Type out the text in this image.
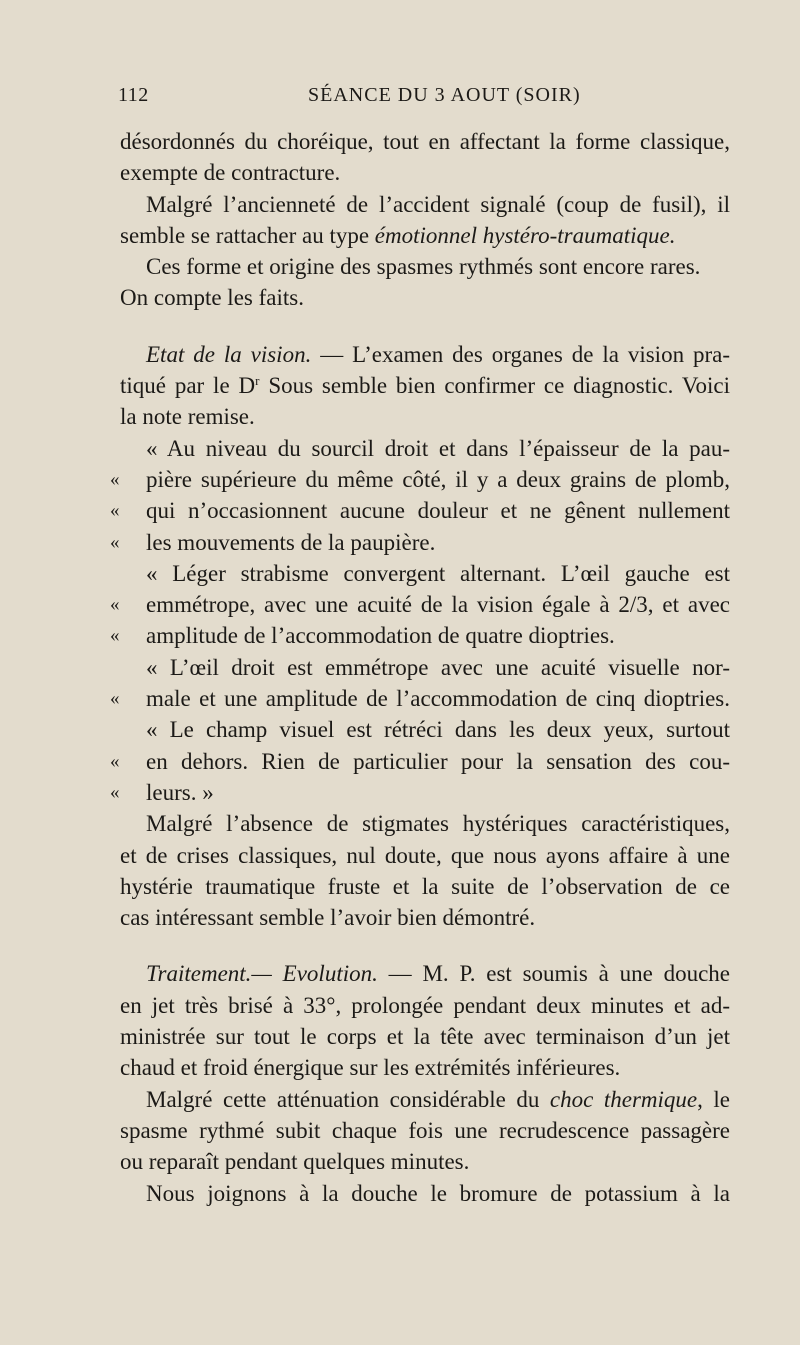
112	SÉANCE DU 3 AOUT (SOIR)
désordonnés du choréique, tout en affectant la forme classique,
exempte de contracture.
Malgré l’ancienneté de l’accident signalé (coup de fusil), il
semble se rattacher au type émotionnel hystéro-traumatique.
Ces forme et origine des spasmes rythmés sont encore rares.
On compte les faits.
Etat de la vision. — L’examen des organes de la vision pra-
tiqué par le $D^r$ Sous semble bien confirmer ce diagnostic. Voici
la note remise.
« Au niveau du sourcil droit et dans l’épaisseur de la pau-
« pière supérieure du même côté, il y a deux grains de plomb,
« qui n’occasionnent aucune douleur et ne gênent nullement
« les mouvements de la paupière.
« Léger strabisme convergent alternant. L’œil gauche est
« emmétrope, avec une acuité de la vision égale à 2/3, et avec
« amplitude de l’accommodation de quatre dioptries.
« L’œil droit est emmétrope avec une acuité visuelle nor-
« male et une amplitude de l’accommodation de cinq dioptries.
« Le champ visuel est rétréci dans les deux yeux, surtout
« en dehors. Rien de particulier pour la sensation des cou-
« leurs. »
Malgré l’absence de stigmates hystériques caractéristiques,
et de crises classiques, nul doute, que nous ayons affaire à une
hystérie traumatique fruste et la suite de l’observation de ce
cas intéressant semble l’avoir bien démontré.
Traitement.— Evolution. — M. P. est soumis à une douche
en jet très brisé à 33°, prolongée pendant deux minutes et ad-
ministrée sur tout le corps et la tête avec terminaison d’un jet
chaud et froid énergique sur les extrémités inférieures.
Malgré cette atténuation considérable du choc thermique, le
spasme rythmé subit chaque fois une recrudescence passagère
ou reparaît pendant quelques minutes.
Nous joignons à la douche le bromure de potassium à la
